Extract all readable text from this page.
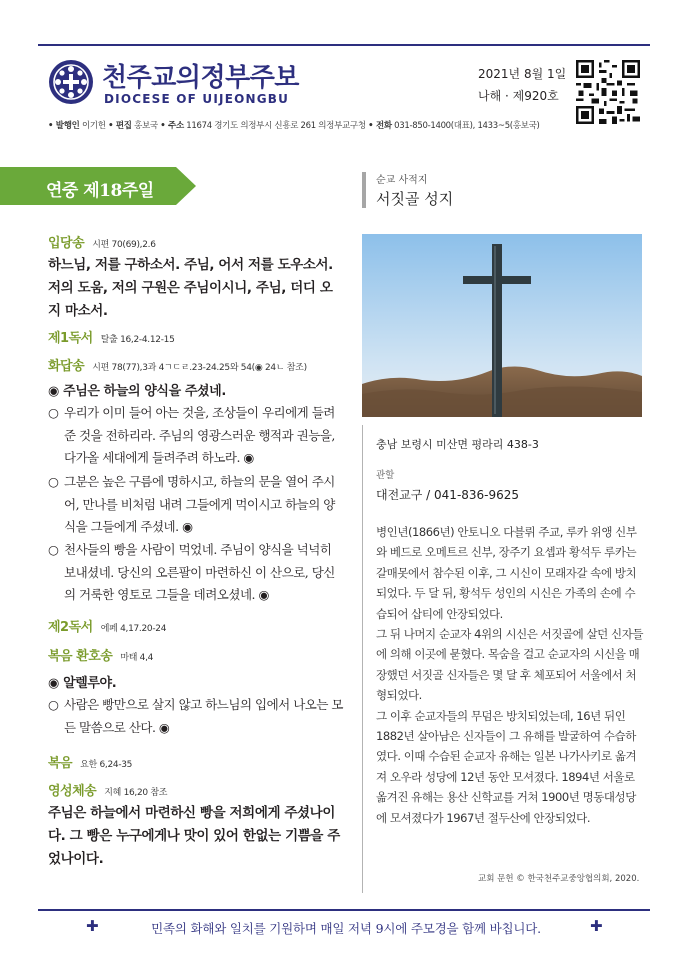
천주교의정부주보
DIOCESE OF UIJEONGBU
2021년 8월 1일
나해 · 제920호
• 발행인 이기헌 • 편집 홍보국 • 주소 11674 경기도 의정부시 신흥로 261 의정부교구청 • 전화 031-850-1400(대표), 1433~5(홍보국)
연중 제18주일
입당송 시편 70(69),2.6
하느님, 저를 구하소서. 주님, 어서 저를 도우소서. 저의 도움, 저의 구원은 주님이시니, 주님, 더디 오지 마소서.
제1독서 탈출 16,2-4.12-15
화답송 시편 78(77),3과 4ㄱㄷㄹ.23-24.25와 54(◉ 24ㄴ 참조)
◉ 주님은 하늘의 양식을 주셨네.
○ 우리가 이미 들어 아는 것을, 조상들이 우리에게 들려준 것을 전하리라. 주님의 영광스러운 행적과 권능을, 다가올 세대에게 들려주려 하노라. ◉
○ 그분은 높은 구름에 명하시고, 하늘의 문을 열어 주시어, 만나를 비처럼 내려 그들에게 먹이시고 하늘의 양식을 그들에게 주셨네. ◉
○ 천사들의 빵을 사람이 먹었네. 주님이 양식을 넉넉히 보내셨네. 당신의 오른팔이 마련하신 이 산으로, 당신의 거룩한 영토로 그들을 데려오셨네. ◉
제2독서 에페 4,17.20-24
복음 환호송 마태 4,4
◉ 알렐루야.
○ 사람은 빵만으로 살지 않고 하느님의 입에서 나오는 모든 말씀으로 산다. ◉
복음 요한 6,24-35
영성체송 지혜 16,20 참조
주님은 하늘에서 마련하신 빵을 저희에게 주셨나이다. 그 빵은 누구에게나 맛이 있어 한없는 기쁨을 주었나이다.
순교 사적지
서짓골 성지
충남 보령시 미산면 평라리 438-3
관할
대전교구 / 041-836-9625

병인년(1866년) 안토니오 다블뤼 주교, 루카 위앵 신부와 베드로 오메트르 신부, 장주기 요셉과 황석두 루카는 갈매못에서 참수된 이후, 그 시신이 모래자갈 속에 방치되었다. 두 달 뒤, 황석두 성인의 시신은 가족의 손에 수습되어 삽티에 안장되었다.

그 뒤 나머지 순교자 4위의 시신은 서짓골에 살던 신자들에 의해 이곳에 묻혔다. 목숨을 걸고 순교자의 시신을 매장했던 서짓골 신자들은 몇 달 후 체포되어 서울에서 처형되었다.

그 이후 순교자들의 무덤은 방치되었는데, 16년 뒤인 1882년 살아남은 신자들이 그 유해를 발굴하여 수습하였다. 이때 수습된 순교자 유해는 일본 나가사키로 옮겨져 오우라 성당에 12년 동안 모셔졌다. 1894년 서울로 옮겨진 유해는 용산 신학교를 거쳐 1900년 명동대성당에 모셔졌다가 1967년 절두산에 안장되었다.

교회 문헌 © 한국천주교중앙협의회, 2020.
✚	민족의 화해와 일치를 기원하며 매일 저녁 9시에 주모경을 함께 바칩니다.	✚
